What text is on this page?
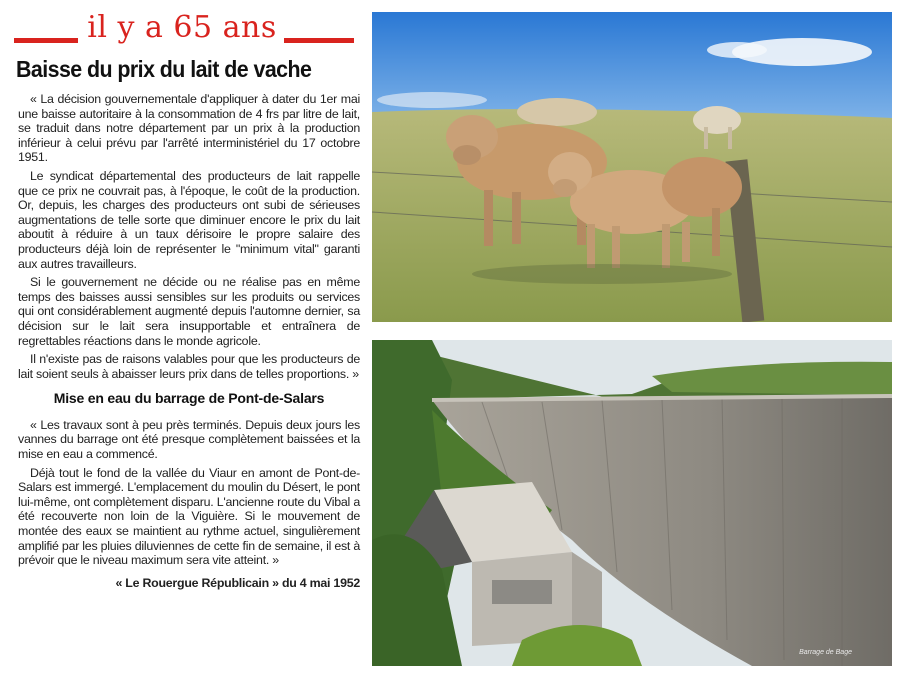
il y a 65 ans
Baisse du prix du lait de vache

« La décision gouvernementale d'appliquer à dater du 1er mai une baisse autoritaire à la consommation de 4 frs par litre de lait, se traduit dans notre département par un prix à la production inférieur à celui prévu par l'arrêté interministériel du 17 octobre 1951.

Le syndicat départemental des producteurs de lait rappelle que ce prix ne couvrait pas, à l'époque, le coût de la production. Or, depuis, les charges des producteurs ont subi de sérieuses augmentations de telle sorte que diminuer encore le prix du lait aboutit à réduire à un taux dérisoire le propre salaire des producteurs déjà loin de représenter le "minimum vital" garanti aux autres travailleurs.

Si le gouvernement ne décide ou ne réalise pas en même temps des baisses aussi sensibles sur les produits ou services qui ont considérablement augmenté depuis l'automne dernier, sa décision sur le lait sera insupportable et entraînera de regrettables réactions dans le monde agricole.

Il n'existe pas de raisons valables pour que les producteurs de lait soient seuls à abaisser leurs prix dans de telles proportions. »

Mise en eau du barrage de Pont-de-Salars

« Les travaux sont à peu près terminés. Depuis deux jours les vannes du barrage ont été presque complètement baissées et la mise en eau a commencé.

Déjà tout le fond de la vallée du Viaur en amont de Pont-de-Salars est immergé. L'emplacement du moulin du Désert, le pont lui-même, ont complètement disparu. L'ancienne route du Vibal a été recouverte non loin de la Viguière. Si le mouvement de montée des eaux se maintient au rythme actuel, singulièrement amplifié par les pluies diluviennes de cette fin de semaine, il est à prévoir que le niveau maximum sera vite atteint. »

« Le Rouergue Républicain » du 4 mai 1952
Barrage de Bage
